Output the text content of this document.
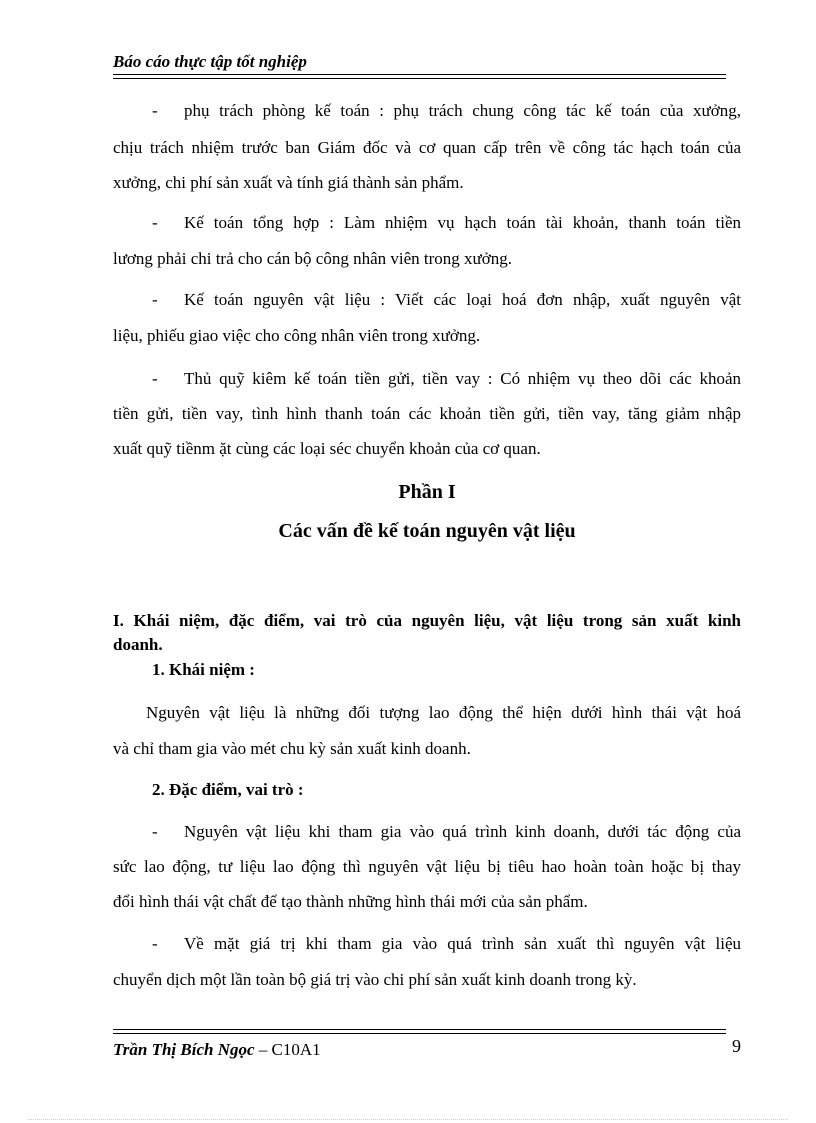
Báo cáo thực tập tốt nghiệp
- phụ trách phòng kế toán : phụ trách chung công tác kế toán của xưởng,
chịu trách nhiệm trước ban Giám đốc và cơ quan cấp trên về công tác hạch toán của
xưởng, chi phí sản xuất và tính giá thành sản phẩm.
- Kế toán tổng hợp : Làm nhiệm vụ hạch toán tài khoản, thanh toán tiền
lương phải chi trả cho cán bộ công nhân viên trong xưởng.
- Kế toán nguyên vật liệu : Viết các loại hoá đơn nhập, xuất nguyên vật
liệu, phiếu giao việc cho công nhân viên trong xưởng.
- Thủ quỹ kiêm kế toán tiền gửi, tiền vay : Có nhiệm vụ theo dõi các khoản
tiền gửi, tiền vay, tình hình thanh toán các khoản tiền gửi, tiền vay, tăng giảm nhập
xuất quỹ tiềnm ặt cùng các loại séc chuyển khoản của cơ quan.
Phần I
Các vấn đề kế toán nguyên vật liệu
I. Khái niệm, đặc điểm, vai trò của nguyên liệu, vật liệu trong sản xuất kinh
doanh.
1. Khái niệm :
Nguyên vật liệu là những đối tượng lao động thể hiện dưới hình thái vật hoá
và chỉ tham gia vào mét chu kỳ sản xuất kinh doanh.
2. Đặc điểm, vai trò :
- Nguyên vật liệu khi tham gia vào quá trình kinh doanh, dưới tác động của
sức lao động, tư liệu lao động thì nguyên vật liệu bị tiêu hao hoàn toàn hoặc bị thay
đổi hình thái vật chất để tạo thành những hình thái mới của sản phẩm.
- Về mặt giá trị khi tham gia vào quá trình sản xuất thì nguyên vật liệu
chuyển dịch một lần toàn bộ giá trị vào chi phí sản xuất kinh doanh trong kỳ.
Trần Thị Bích Ngọc – C10A1	9
